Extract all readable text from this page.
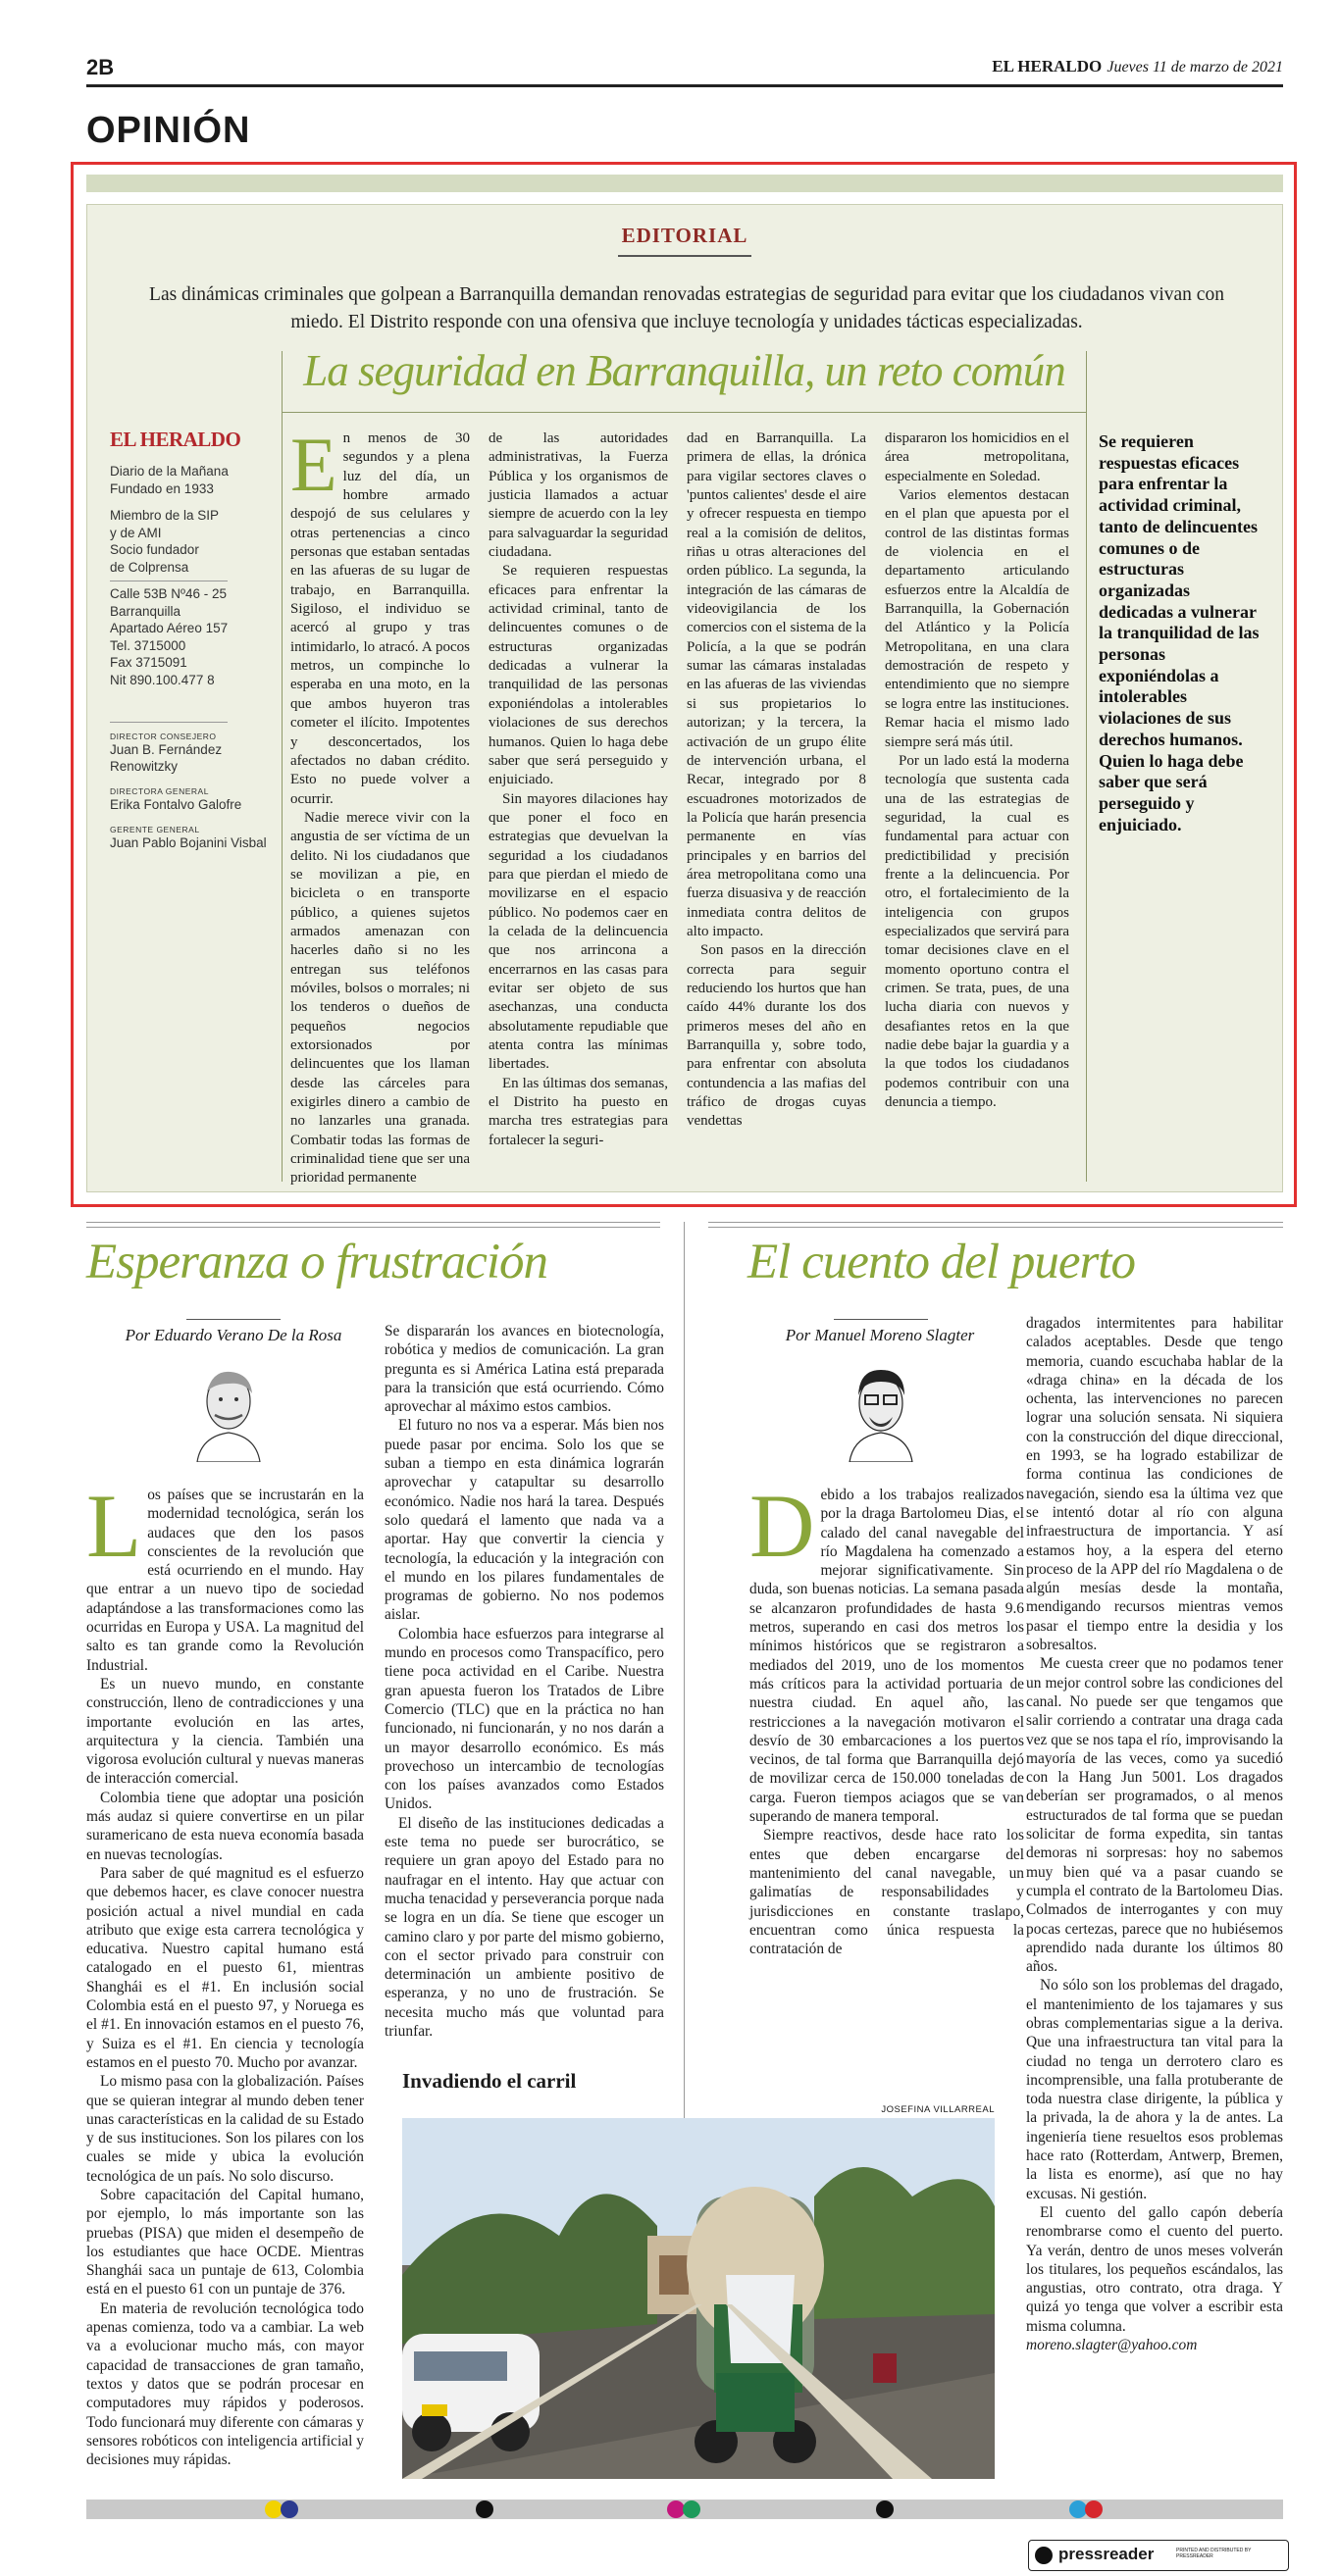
2B	EL HERALDO Jueves 11 de marzo de 2021
OPINIÓN
EDITORIAL
Las dinámicas criminales que golpean a Barranquilla demandan renovadas estrategias de seguridad para evitar que los ciudadanos vivan con miedo. El Distrito responde con una ofensiva que incluye tecnología y unidades tácticas especializadas.
La seguridad en Barranquilla, un reto común
EL HERALDO
Diario de la Mañana
Fundado en 1933
Miembro de la SIP
y de AMI
Socio fundador
de Colprensa
Calle 53B Nº46 - 25
Barranquilla
Apartado Aéreo 157
Tel. 3715000
Fax 3715091
Nit 890.100.477 8
DIRECTOR CONSEJERO
Juan B. Fernández Renowitzky
DIRECTORA GENERAL
Erika Fontalvo Galofre
GERENTE GENERAL
Juan Pablo Bojanini Visbal
E n menos de 30 segundos y a plena luz del día, un hombre armado despojó de sus celulares y otras pertenencias a cinco personas que estaban sentadas en las afueras de su lugar de trabajo, en Barranquilla. Sigiloso, el individuo se acercó al grupo y tras intimidarlo, lo atracó. A pocos metros, un compinche lo esperaba en una moto, en la que ambos huyeron tras cometer el ilícito. Impotentes y desconcertados, los afectados no daban crédito. Esto no puede volver a ocurrir.

Nadie merece vivir con la angustia de ser víctima de un delito. Ni los ciudadanos que se movilizan a pie, en bicicleta o en transporte público, a quienes sujetos armados amenazan con hacerles daño si no les entregan sus teléfonos móviles, bolsos o morrales; ni los tenderos o dueños de pequeños negocios extorsionados por delincuentes que los llaman desde las cárceles para exigirles dinero a cambio de no lanzarles una granada. Combatir todas las formas de criminalidad tiene que ser una prioridad permanente

de las autoridades administrativas, la Fuerza Pública y los organismos de justicia llamados a actuar siempre de acuerdo con la ley para salvaguardar la seguridad ciudadana.

Se requieren respuestas eficaces para enfrentar la actividad criminal, tanto de delincuentes comunes o de estructuras organizadas dedicadas a vulnerar la tranquilidad de las personas exponiéndolas a intolerables violaciones de sus derechos humanos. Quien lo haga debe saber que será perseguido y enjuiciado.

Sin mayores dilaciones hay que poner el foco en estrategias que devuelvan la seguridad a los ciudadanos para que pierdan el miedo de movilizarse en el espacio público. No podemos caer en la celada de la delincuencia que nos arrincona a encerrarnos en las casas para evitar ser objeto de sus asechanzas, una conducta absolutamente repudiable que atenta contra las mínimas libertades.

En las últimas dos semanas, el Distrito ha puesto en marcha tres estrategias para fortalecer la seguri-

dad en Barranquilla. La primera de ellas, la drónica para vigilar sectores claves o 'puntos calientes' desde el aire y ofrecer respuesta en tiempo real a la comisión de delitos, riñas u otras alteraciones del orden público. La segunda, la integración de las cámaras de videovigilancia de los comercios con el sistema de la Policía, a la que se podrán sumar las cámaras instaladas en las afueras de las viviendas si sus propietarios lo autorizan; y la tercera, la activación de un grupo élite de intervención urbana, el Recar, integrado por 8 escuadrones motorizados de la Policía que harán presencia permanente en vías principales y en barrios del área metropolitana como una fuerza disuasiva y de reacción inmediata contra delitos de alto impacto.

Son pasos en la dirección correcta para seguir reduciendo los hurtos que han caído 44% durante los dos primeros meses del año en Barranquilla y, sobre todo, para enfrentar con absoluta contundencia a las mafias del tráfico de drogas cuyas vendettas

dispararon los homicidios en el área metropolitana, especialmente en Soledad.

Varios elementos destacan en el plan que apuesta por el control de las distintas formas de violencia en el departamento articulando esfuerzos entre la Alcaldía de Barranquilla, la Gobernación del Atlántico y la Policía Metropolitana, en una clara demostración de respeto y entendimiento que no siempre se logra entre las instituciones. Remar hacia el mismo lado siempre será más útil.

Por un lado está la moderna tecnología que sustenta cada una de las estrategias de seguridad, la cual es fundamental para actuar con predictibilidad y precisión frente a la delincuencia. Por otro, el fortalecimiento de la inteligencia con grupos especializados que servirá para tomar decisiones clave en el momento oportuno contra el crimen. Se trata, pues, de una lucha diaria con nuevos y desafiantes retos en la que nadie debe bajar la guardia y a la que todos los ciudadanos podemos contribuir con una denuncia a tiempo.

Se requieren respuestas eficaces para enfrentar la actividad criminal, tanto de delincuentes comunes o de estructuras organizadas dedicadas a vulnerar la tranquilidad de las personas exponiéndolas a intolerables violaciones de sus derechos humanos. Quien lo haga debe saber que será perseguido y enjuiciado.
Esperanza o frustración
Por Eduardo Verano De la Rosa
L os países que se incrustarán en la modernidad tecnológica, serán los audaces que den los pasos conscientes de la revolución que está ocurriendo en el mundo. Hay que entrar a un nuevo tipo de sociedad adaptándose a las transformaciones como las ocurridas en Europa y USA. La magnitud del salto es tan grande como la Revolución Industrial.

Es un nuevo mundo, en constante construcción, lleno de contradicciones y una importante evolución en las artes, arquitectura y la ciencia. También una vigorosa evolución cultural y nuevas maneras de interacción comercial.

Colombia tiene que adoptar una posición más audaz si quiere convertirse en un pilar suramericano de esta nueva economía basada en nuevas tecnologías.

Para saber de qué magnitud es el esfuerzo que debemos hacer, es clave conocer nuestra posición actual a nivel mundial en cada atributo que exige esta carrera tecnológica y educativa. Nuestro capital humano está catalogado en el puesto 61, mientras Shanghái es el #1. En inclusión social Colombia está en el puesto 97, y Noruega es el #1. En innovación estamos en el puesto 76, y Suiza es el #1. En ciencia y tecnología estamos en el puesto 70. Mucho por avanzar.

Lo mismo pasa con la globalización. Países que se quieran integrar al mundo deben tener unas características en la calidad de su Estado y de sus instituciones. Son los pilares con los cuales se mide y ubica la evolución tecnológica de un país. No solo discurso.

Sobre capacitación del Capital humano, por ejemplo, lo más importante son las pruebas (PISA) que miden el desempeño de los estudiantes que hace OCDE. Mientras Shanghái saca un puntaje de 613, Colombia está en el puesto 61 con un puntaje de 376.

En materia de revolución tecnológica todo apenas comienza, todo va a cambiar. La web va a evolucionar mucho más, con mayor capacidad de transacciones de gran tamaño, textos y datos que se podrán procesar en computadores muy rápidos y poderosos. Todo funcionará muy diferente con cámaras y sensores robóticos con inteligencia artificial y decisiones muy rápidas.

Se dispararán los avances en biotecnología, robótica y medios de comunicación. La gran pregunta es si América Latina está preparada para la transición que está ocurriendo. Cómo aprovechar al máximo estos cambios.

El futuro no nos va a esperar. Más bien nos puede pasar por encima. Solo los que se suban a tiempo en esta dinámica lograrán aprovechar y catapultar su desarrollo económico. Nadie nos hará la tarea. Después solo quedará el lamento que nada va a aportar. Hay que convertir la ciencia y tecnología, la educación y la integración con el mundo en los pilares fundamentales de programas de gobierno. No nos podemos aislar.

Colombia hace esfuerzos para integrarse al mundo en procesos como Transpacífico, pero tiene poca actividad en el Caribe. Nuestra gran apuesta fueron los Tratados de Libre Comercio (TLC) que en la práctica no han funcionado, ni funcionarán, y no nos darán a un mayor desarrollo económico. Es más provechoso un intercambio de tecnologías con los países avanzados como Estados Unidos.

El diseño de las instituciones dedicadas a este tema no puede ser burocrático, se requiere un gran apoyo del Estado para no naufragar en el intento. Hay que actuar con mucha tenacidad y perseverancia porque nada se logra en un día. Se tiene que escoger un camino claro y por parte del mismo gobierno, con el sector privado para construir con determinación un ambiente positivo de esperanza, y no uno de frustración. Se necesita mucho más que voluntad para triunfar.

Invadiendo el carril
JOSEFINA VILLARREAL
El cuento del puerto
Por Manuel Moreno Slagter
D ebido a los trabajos realizados por la draga Bartolomeu Dias, el calado del canal navegable del río Magdalena ha comenzado a mejorar significativamente. Sin duda, son buenas noticias. La semana pasada se alcanzaron profundidades de hasta 9.6 metros, superando en casi dos metros los mínimos históricos que se registraron a mediados del 2019, uno de los momentos más críticos para la actividad portuaria de nuestra ciudad. En aquel año, las restricciones a la navegación motivaron el desvío de 30 embarcaciones a los puertos vecinos, de tal forma que Barranquilla dejó de movilizar cerca de 150.000 toneladas de carga. Fueron tiempos aciagos que se van superando de manera temporal.

Siempre reactivos, desde hace rato los entes que deben encargarse del mantenimiento del canal navegable, un galimatías de responsabilidades y jurisdicciones en constante traslapo, encuentran como única respuesta la contratación de

dragados intermitentes para habilitar calados aceptables. Desde que tengo memoria, cuando escuchaba hablar de la «draga china» en la década de los ochenta, las intervenciones no parecen lograr una solución sensata. Ni siquiera con la construcción del dique direccional, en 1993, se ha logrado estabilizar de forma continua las condiciones de navegación, siendo esa la última vez que se intentó dotar al río con alguna infraestructura de importancia. Y así estamos hoy, a la espera del eterno proceso de la APP del río Magdalena o de algún mesías desde la montaña, mendigando recursos mientras vemos pasar el tiempo entre la desidia y los sobresaltos.

Me cuesta creer que no podamos tener un mejor control sobre las condiciones del canal. No puede ser que tengamos que salir corriendo a contratar una draga cada vez que se nos tapa el río, improvisando la mayoría de las veces, como ya sucedió con la Hang Jun 5001. Los dragados deberían ser programados, o al menos estructurados de tal forma que se puedan solicitar de forma expedita, sin tantas demoras ni sorpresas: hoy no sabemos muy bien qué va a pasar cuando se cumpla el contrato de la Bartolomeu Dias. Colmados de interrogantes y con muy pocas certezas, parece que no hubiésemos aprendido nada durante los últimos 80 años.

No sólo son los problemas del dragado, el mantenimiento de los tajamares y sus obras complementarias sigue a la deriva. Que una infraestructura tan vital para la ciudad no tenga un derrotero claro es incomprensible, una falla protuberante de toda nuestra clase dirigente, la pública y la privada, la de ahora y la de antes. La ingeniería tiene resueltos esos problemas hace rato (Rotterdam, Antwerp, Bremen, la lista es enorme), así que no hay excusas. Ni gestión.

El cuento del gallo capón debería renombrarse como el cuento del puerto. Ya verán, dentro de unos meses volverán los titulares, los pequeños escándalos, las angustias, otro contrato, otra draga. Y quizá yo tenga que volver a escribir esta misma columna.

moreno.slagter@yahoo.com
pressreader	PRINTED AND DISTRIBUTED BY PRESSREADER
